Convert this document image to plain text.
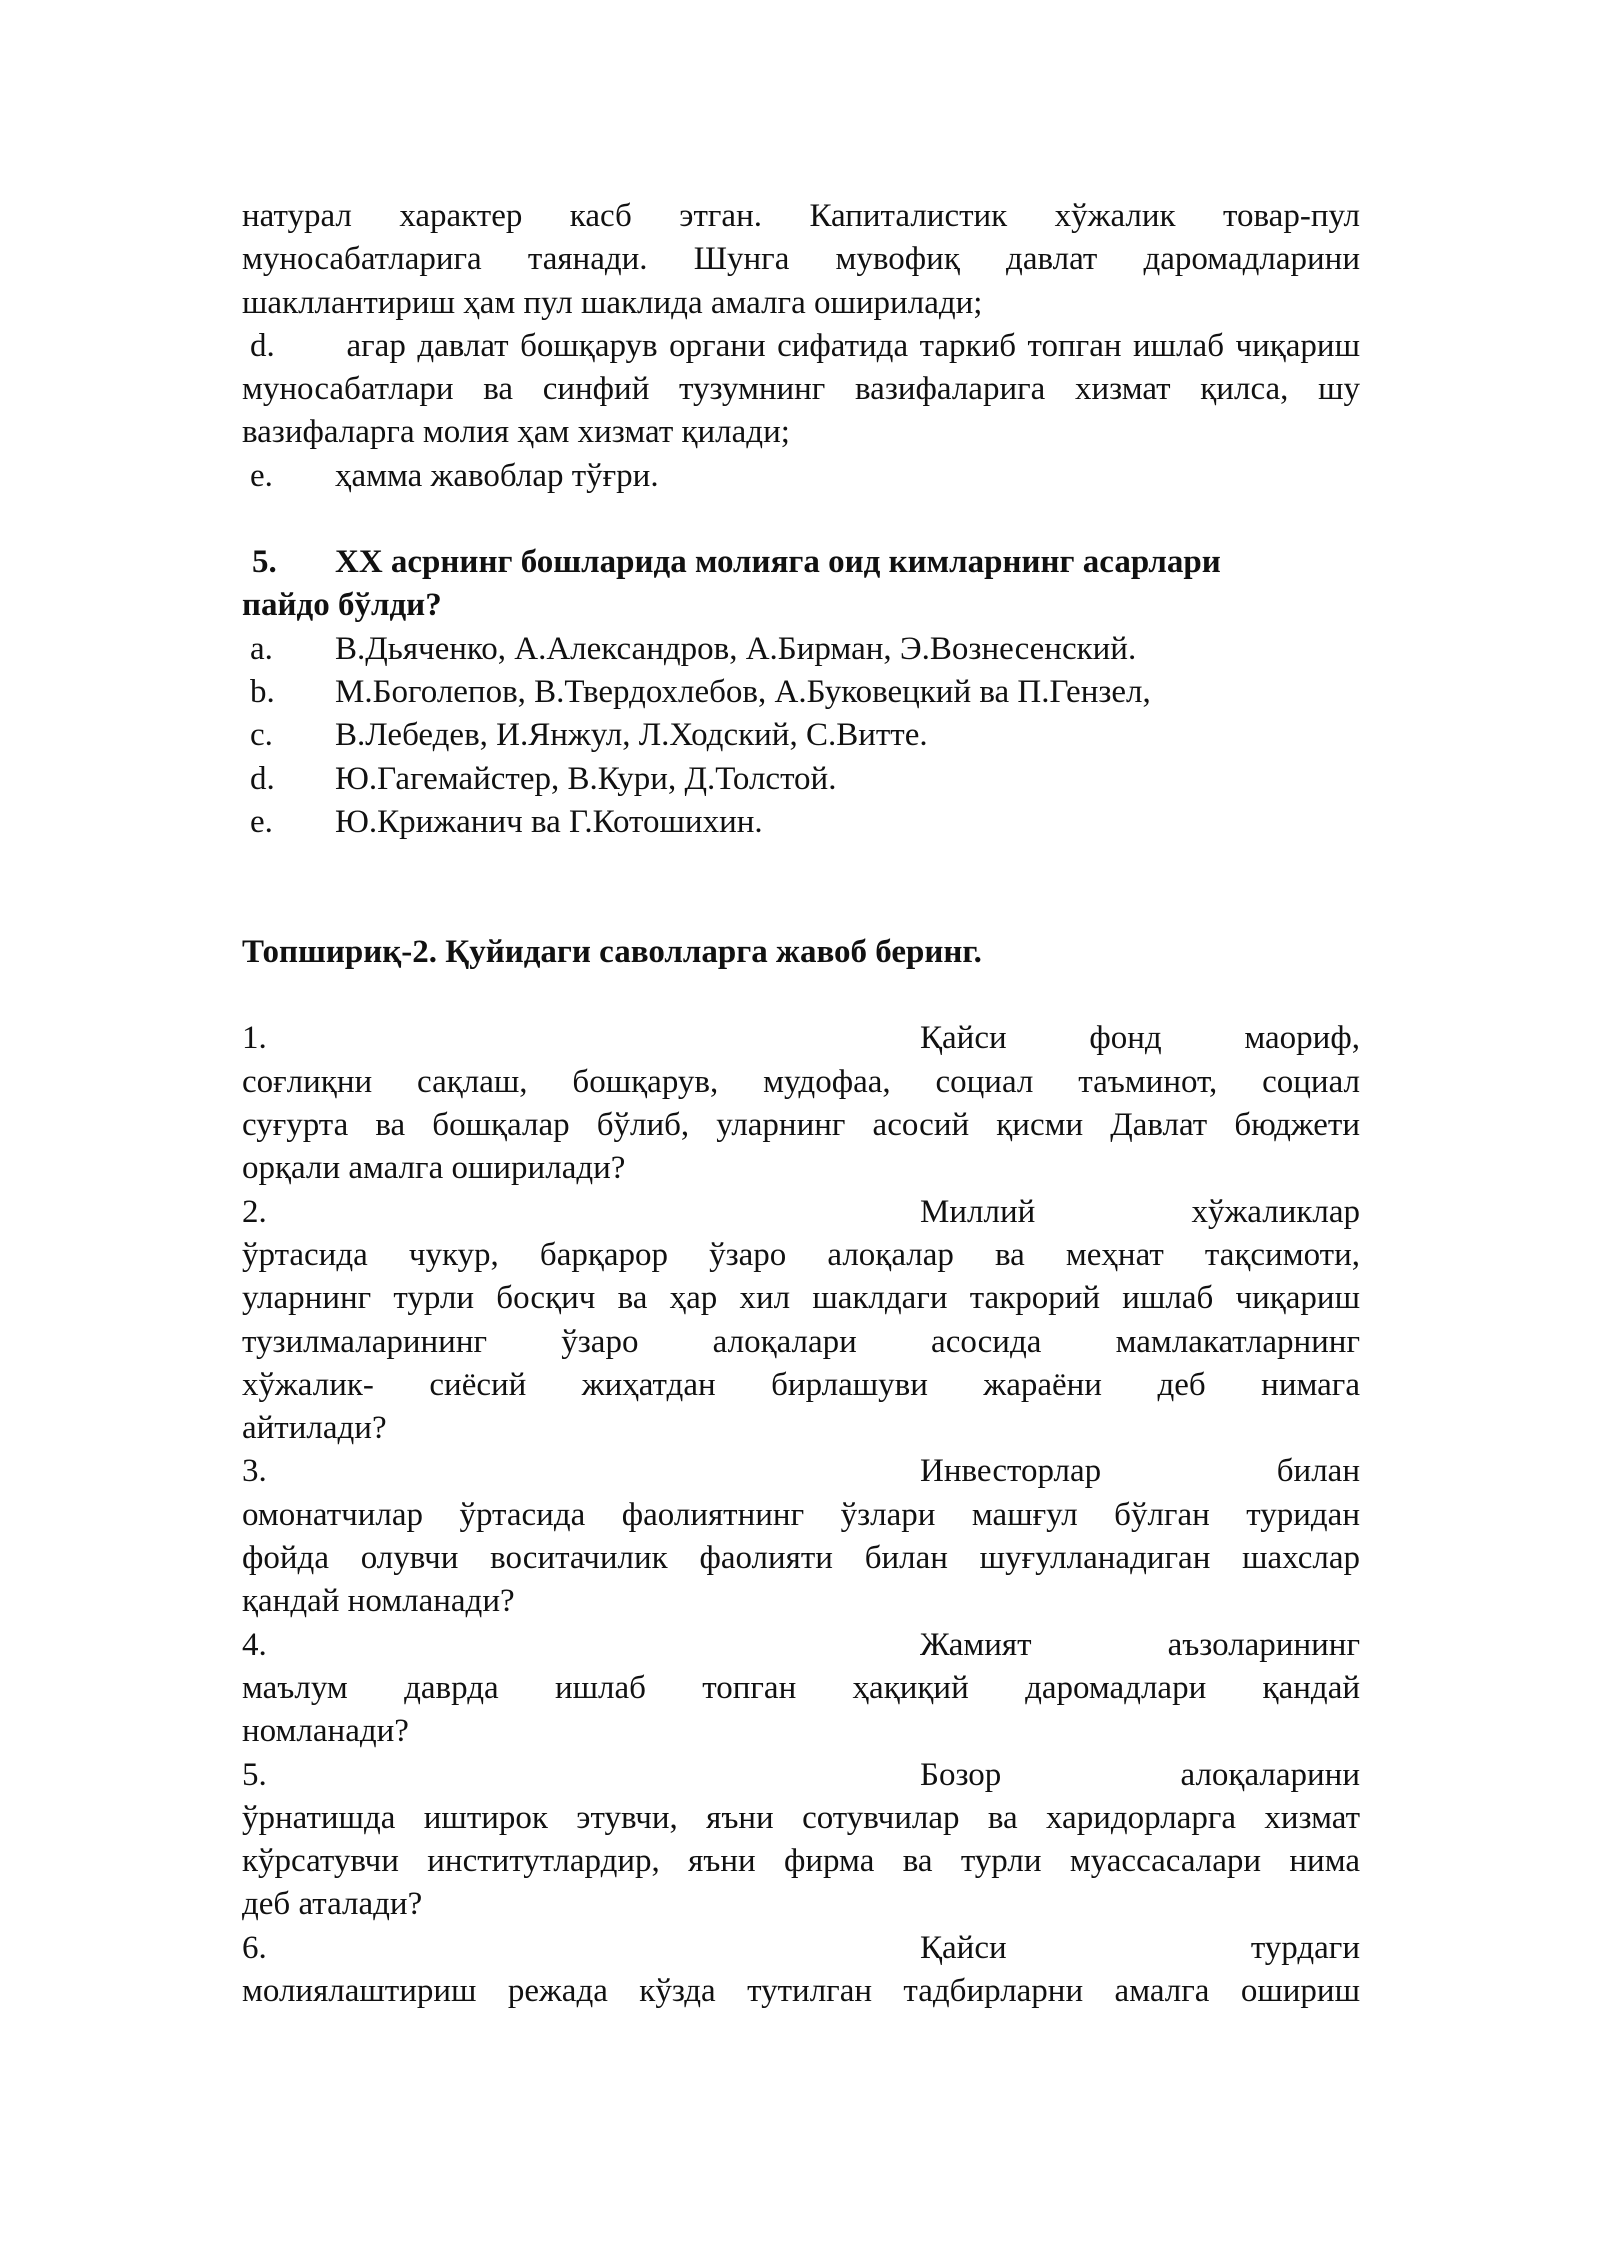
натурал характер касб этган. Капиталистик хўжалик товар-пул

муносабатларига таянади. Шунга мувофиқ давлат даромадларини

шакллантириш ҳам пул шаклида амалга оширилади;

d. агар давлат бошқарув органи сифатида таркиб топган ишлаб чиқариш муносабатлари ва синфий тузумнинг вазифаларига хизмат қилса, шу вазифаларга молия ҳам хизмат қилади;
e.	ҳамма жавоблар тўғри.
5.	XX асрнинг бошларида молияга оид кимларнинг асарлари

пайдо бўлди?

a.	В.Дьяченко, А.Александров, А.Бирман, Э.Вознесенский.
b.	М.Боголепов, В.Твердохлебов, А.Буковецкий ва П.Гензел,
c.	В.Лебедев, И.Янжул, Л.Ходский, С.Витте.
d.	Ю.Гагемайстер, В.Кури, Д.Толстой.
e.	Ю.Крижанич ва Г.Котошихин.

Топшириқ-2. Қуйидаги саволларга жавоб беринг.

1.	Қайси	фонд	маориф,

соғлиқни сақлаш, бошқарув, мудофаа, социал таъминот, социал

суғурта ва бошқалар бўлиб, уларнинг асосий қисми Давлат бюджети

орқали амалга оширилади?

2.	Миллий	хўжаликлар

ўртасида чукур, барқарор ўзаро алоқалар ва меҳнат тақсимоти,

уларнинг турли босқич ва ҳар хил шаклдаги такрорий ишлаб чиқариш

тузилмаларининг ўзаро алоқалари асосида мамлакатларнинг

хўжалик- сиёсий жиҳатдан бирлашуви жараёни деб нимага

айтилади?

3.	Инвесторлар	билан

омонатчилар ўртасида фаолиятнинг ўзлари машғул бўлган туридан

фойда олувчи воситачилик фаолияти билан шуғулланадиган шахслар

қандай номланади?

4.	Жамият	аъзоларининг

маълум даврда ишлаб топган ҳақиқий даромадлари қандай

номланади?

5.	Бозор	алоқаларини

ўрнатишда иштирок этувчи, яъни сотувчилар ва харидорларга хизмат

кўрсатувчи институтлардир, яъни фирма ва турли муассасалари нима

деб аталади?

6.	Қайси	турдаги

молиялаштириш режада кўзда тутилган тадбирларни амалга ошириш
